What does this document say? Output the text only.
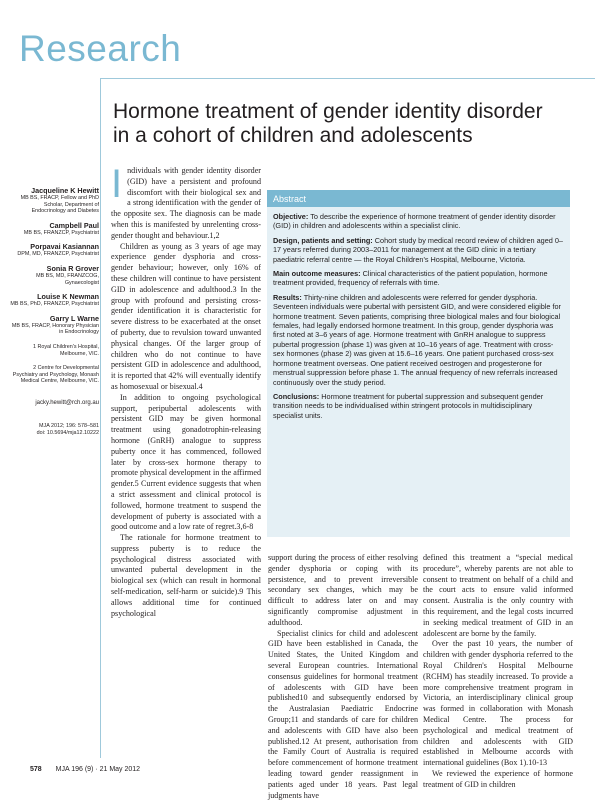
Research
Hormone treatment of gender identity disorder in a cohort of children and adolescents
Jacqueline K Hewitt
MB BS, FRACP, Fellow and PhD Scholar, Department of Endocrinology and Diabetes
Campbell Paul
MB BS, FRANZCP, Psychiatrist
Porpavai Kasiannan
DPM, MD, FRANZCP, Psychiatrist
Sonia R Grover
MB BS, MD, FRANZCOG, Gynaecologist
Louise K Newman
MB BS, PhD, FRANZCP, Psychiatrist
Garry L Warne
MB BS, FRACP, Honorary Physician in Endocrinology
1 Royal Children's Hospital, Melbourne, VIC.
2 Centre for Developmental Psychiatry and Psychology, Monash Medical Centre, Melbourne, VIC.
jacky.hewitt@rch.org.au
MJA 2012; 196: 578–581
doi: 10.5694/mja12.10222
I ndividuals with gender identity disorder (GID) have a persistent and profound discomfort with their biological sex and a strong identification with the gender of the opposite sex. The diagnosis can be made when this is manifested by unrelenting cross-gender thought and behaviour.1,2

Children as young as 3 years of age may experience gender dysphoria and cross-gender behaviour; however, only 16% of these children will continue to have persistent GID in adolescence and adulthood.3 In the group with profound and persisting cross-gender identification it is characteristic for severe distress to be exacerbated at the onset of puberty, due to revulsion toward unwanted physical changes. Of the larger group of children who do not continue to have persistent GID in adolescence and adulthood, it is reported that 42% will eventually identify as homosexual or bisexual.4

In addition to ongoing psychological support, peripubertal adolescents with persistent GID may be given hormonal treatment using gonadotrophin-releasing hormone (GnRH) analogue to suppress puberty once it has commenced, followed later by cross-sex hormone therapy to promote physical development in the affirmed gender.5 Current evidence suggests that when a strict assessment and clinical protocol is followed, hormone treatment to suspend the development of puberty is associated with a good outcome and a low rate of regret.3,6-8

The rationale for hormone treatment to suppress puberty is to reduce the psychological distress associated with unwanted pubertal development in the biological sex (which can result in hormonal self-medication, self-harm or suicide).9 This allows additional time for continued psychological

Abstract
Objective: To describe the experience of hormone treatment of gender identity disorder (GID) in children and adolescents within a specialist clinic.
Design, patients and setting: Cohort study by medical record review of children aged 0–17 years referred during 2003–2011 for management at the GID clinic in a tertiary paediatric referral centre — the Royal Children's Hospital, Melbourne, Victoria.
Main outcome measures: Clinical characteristics of the patient population, hormone treatment provided, frequency of referrals with time.
Results: Thirty-nine children and adolescents were referred for gender dysphoria. Seventeen individuals were pubertal with persistent GID, and were considered eligible for hormone treatment. Seven patients, comprising three biological males and four biological females, had legally endorsed hormone treatment. In this group, gender dysphoria was first noted at 3–6 years of age. Hormone treatment with GnRH analogue to suppress pubertal progression (phase 1) was given at 10–16 years of age. Treatment with cross-sex hormones (phase 2) was given at 15.6–16 years. One patient purchased cross-sex hormone treatment overseas. One patient received oestrogen and progesterone for menstrual suppression before phase 1. The annual frequency of new referrals increased continuously over the study period.
Conclusions: Hormone treatment for pubertal suppression and subsequent gender transition needs to be individualised within stringent protocols in multidisciplinary specialist units.

support during the process of either resolving gender dysphoria or coping with its persistence, and to prevent irreversible secondary sex changes, which may be difficult to address later on and may significantly compromise adjustment in adulthood.

Specialist clinics for child and adolescent GID have been established in Canada, the United States, the United Kingdom and several European countries. International consensus guidelines for hormonal treatment of adolescents with GID have been published10 and subsequently endorsed by the Australasian Paediatric Endocrine Group;11 and standards of care for children and adolescents with GID have also been published.12 At present, authorisation from the Family Court of Australia is required before commencement of hormone treatment leading toward gender reassignment in patients aged under 18 years. Past legal judgments have

defined this treatment a “special medical procedure”, whereby parents are not able to consent to treatment on behalf of a child and the court acts to ensure valid informed consent. Australia is the only country with this requirement, and the legal costs incurred in seeking medical treatment of GID in an adolescent are borne by the family.

Over the past 10 years, the number of children with gender dysphoria referred to the Royal Children's Hospital Melbourne (RCHM) has steadily increased. To provide a more comprehensive treatment program in Victoria, an interdisciplinary clinical group was formed in collaboration with Monash Medical Centre. The process for psychological and medical treatment of children and adolescents with GID established in Melbourne accords with international guidelines (Box 1).10-13

We reviewed the experience of hormone treatment of GID in children

578 MJA 196 (9) · 21 May 2012
